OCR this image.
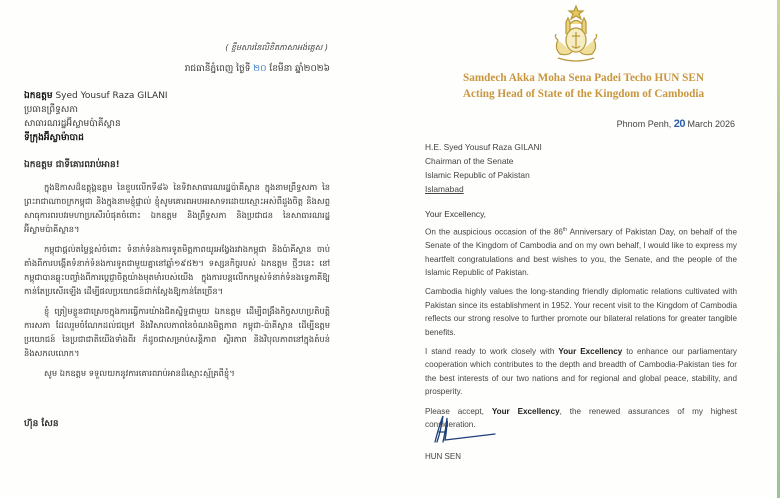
( ខ្ទឹមសារនៃលិខិតភាសាអង់គ្លេស )
រាជធានីភ្នំពេញ ថ្ងៃទី ២០ ខែមីនា ឆ្នាំ២០២៦
ឯកឧត្តម Syed Yousuf Raza GILANI
ប្រធានព្រឹទ្ធសភា
សាធារណរដ្ឋអ៊ីស្លាមប៉ាគីស្ថាន
ទីក្រុងអ៊ីស្លាម៉ាបាដ
ឯកឧត្តម ជាទីគោរពរាប់អាន!

ក្នុងឱកាសដ៏ឧត្តុង្គឧត្តម នៃខួបលើកទី៨៦ នៃទិវាសាធារណរដ្ឋប៉ាគីស្ថាន ក្នុងនាមព្រឹទ្ធសភា នៃព្រះរាជាណាចក្រកម្ពុជា និងក្នុងនាមខ្ញុំផ្ទាល់ ខ្ញុំសូមគោរពអបអរសាទរដោយស្មោះអស់ពីដួងចិត្ត និងសព្ទសាធុការពរបវរមហាប្រសើរបំផុតចំពោះ ឯកឧត្តម និងព្រឹទ្ធសភា និងប្រជាជន នៃសាធារណរដ្ឋអ៊ីស្លាមប៉ាគីស្ថាន។

កម្ពុជាផ្តល់តម្លៃខ្ពស់ចំពោះ ទំនាក់ទំនងការទូតមិត្តភាពយូរអង្វែងរវាងកម្ពុជា និងប៉ាគីស្ថាន ចាប់តាំងពីការបង្កើតទំនាក់ទំនងការទូតជាមួយគ្នានៅឆ្នាំ១៩៥២។ ទស្សនកិច្ចរបស់ ឯកឧត្តម ថ្មីៗនេះ នៅកម្ពុជាបានឆ្លុះបញ្ចាំងពីការប្តេជ្ញាចិត្តយ៉ាងមុតមាំរបស់យើង ក្នុងការបន្តលើកកម្ពស់ទំនាក់ទំនងទ្វេភាគីឱ្យកាន់តែប្រសើរឡើង ដើម្បីផលប្រយោជន៍ជាក់ស្តែងឱ្យកាន់តែច្រើន។

ខ្ញុំ ត្រៀមខ្លួនជាស្រេចក្នុងការធ្វើការយ៉ាងជិតស្និទ្ធជាមួយ ឯកឧត្តម ដើម្បីពង្រឹងកិច្ចសហប្រតិបត្តិការសភា ដែលរួមចំណែកដល់ជម្រៅ និងវិសាលភាពនៃចំណងមិត្តភាព កម្ពុជា-ប៉ាគីស្ថាន ដើម្បីឧត្តមប្រយោជន៍ នៃប្រជាជាតិយើងទាំងពីរ ក៏ដូចជាសម្រាប់សន្តិភាព ស្ថិរភាព និងវិបុលភាពនៅក្នុងតំបន់ និងសកលលោក។

សូម ឯកឧត្តម ទទួលយកនូវការគោរពរាប់អានដ៏ស្មោះស្ម័គ្រពីខ្ញុំ។

ហ៊ុន សែន
Samdech Akka Moha Sena Padei Techo HUN SEN
Acting Head of State of the Kingdom of Cambodia
Phnom Penh, 20 March 2026
H.E. Syed Yousuf Raza GILANI
Chairman of the Senate
Islamic Republic of Pakistan
Islamabad
Your Excellency,

On the auspicious occasion of the 86th Anniversary of Pakistan Day, on behalf of the Senate of the Kingdom of Cambodia and on my own behalf, I would like to express my heartfelt congratulations and best wishes to you, the Senate, and the people of the Islamic Republic of Pakistan.

Cambodia highly values the long-standing friendly diplomatic relations cultivated with Pakistan since its establishment in 1952. Your recent visit to the Kingdom of Cambodia reflects our strong resolve to further promote our bilateral relations for greater tangible benefits.

I stand ready to work closely with Your Excellency to enhance our parliamentary cooperation which contributes to the depth and breadth of Cambodia-Pakistan ties for the best interests of our two nations and for regional and global peace, stability, and prosperity.

Please accept, Your Excellency, the renewed assurances of my highest consideration.

HUN SEN
